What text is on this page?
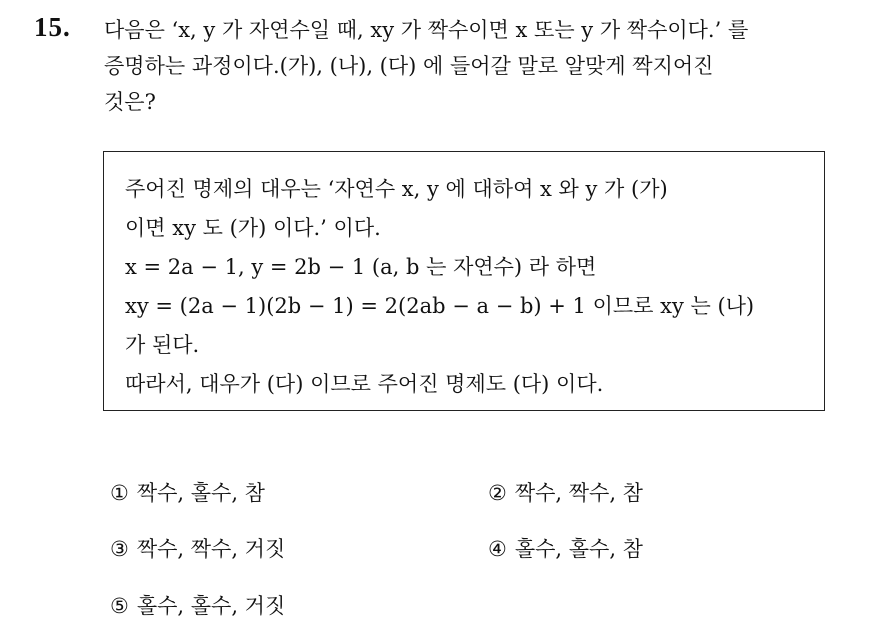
15. 다음은 ‘x, y 가 자연수일 때, xy 가 짝수이면 x 또는 y 가 짝수이다.’ 를
증명하는 과정이다.(가), (나), (다) 에 들어갈 말로 알맞게 짝지어진
것은?
주어진 명제의 대우는 ‘자연수 x, y 에 대하여 x 와 y 가 (가)
이면 xy 도 (가) 이다.’ 이다.
x = 2a − 1, y = 2b − 1 (a, b 는 자연수) 라 하면
xy = (2a − 1)(2b − 1) = 2(2ab − a − b) + 1 이므로 xy 는 (나)
가 된다.
따라서, 대우가 (다) 이므로 주어진 명제도 (다) 이다.
① 짝수, 홀수, 참	② 짝수, 짝수, 참
③ 짝수, 짝수, 거짓	④ 홀수, 홀수, 참
⑤ 홀수, 홀수, 거짓
